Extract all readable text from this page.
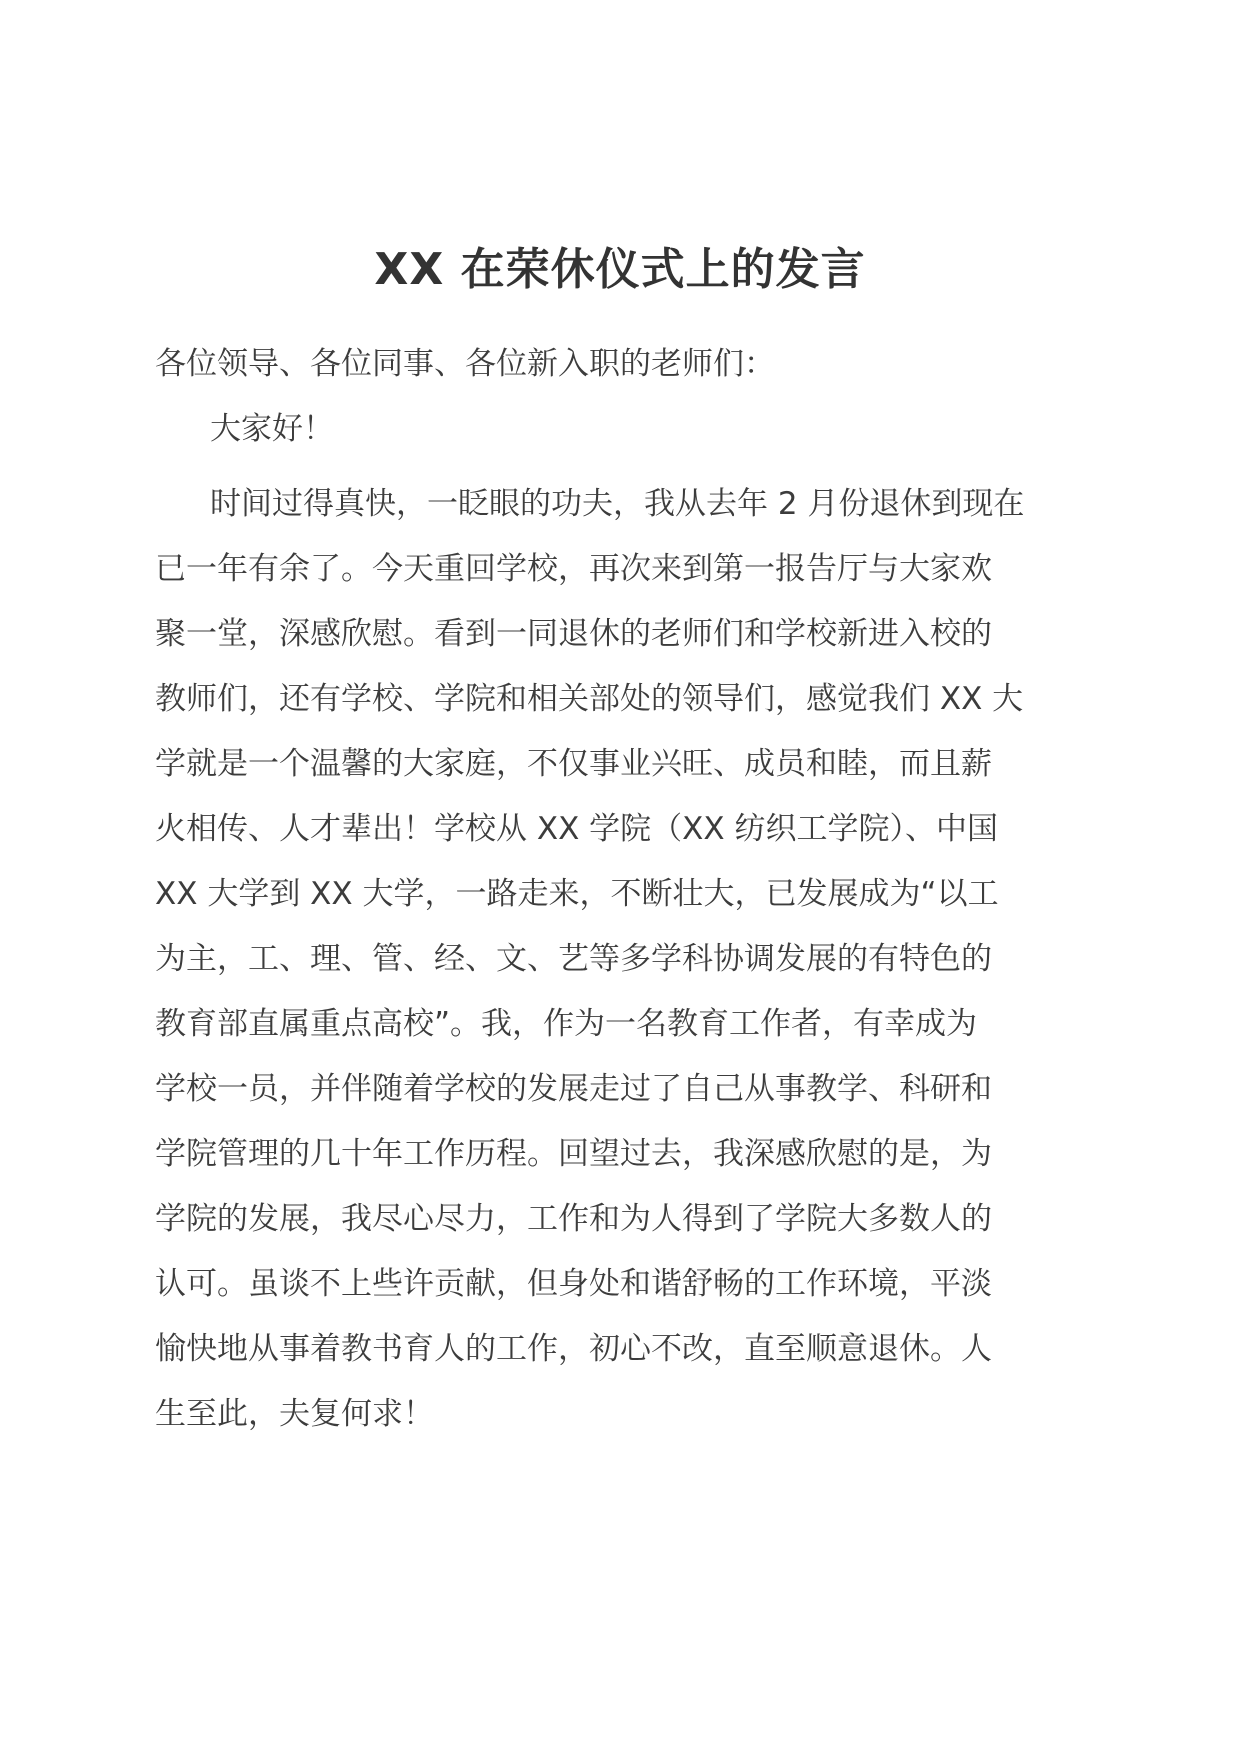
XX 在荣休仪式上的发言
各位领导、各位同事、各位新入职的老师们：
大家好！
时间过得真快，一眨眼的功夫，我从去年 2 月份退休到现在
已一年有余了。今天重回学校，再次来到第一报告厅与大家欢
聚一堂，深感欣慰。看到一同退休的老师们和学校新进入校的
教师们，还有学校、学院和相关部处的领导们，感觉我们 XX 大
学就是一个温馨的大家庭，不仅事业兴旺、成员和睦，而且薪
火相传、人才辈出！学校从 XX 学院（XX 纺织工学院）、中国
XX 大学到 XX 大学，一路走来，不断壮大，已发展成为“以工
为主，工、理、管、经、文、艺等多学科协调发展的有特色的
教育部直属重点高校”。我，作为一名教育工作者，有幸成为
学校一员，并伴随着学校的发展走过了自己从事教学、科研和
学院管理的几十年工作历程。回望过去，我深感欣慰的是，为
学院的发展，我尽心尽力，工作和为人得到了学院大多数人的
认可。虽谈不上些许贡献，但身处和谐舒畅的工作环境，平淡
愉快地从事着教书育人的工作，初心不改，直至顺意退休。人
生至此，夫复何求！
